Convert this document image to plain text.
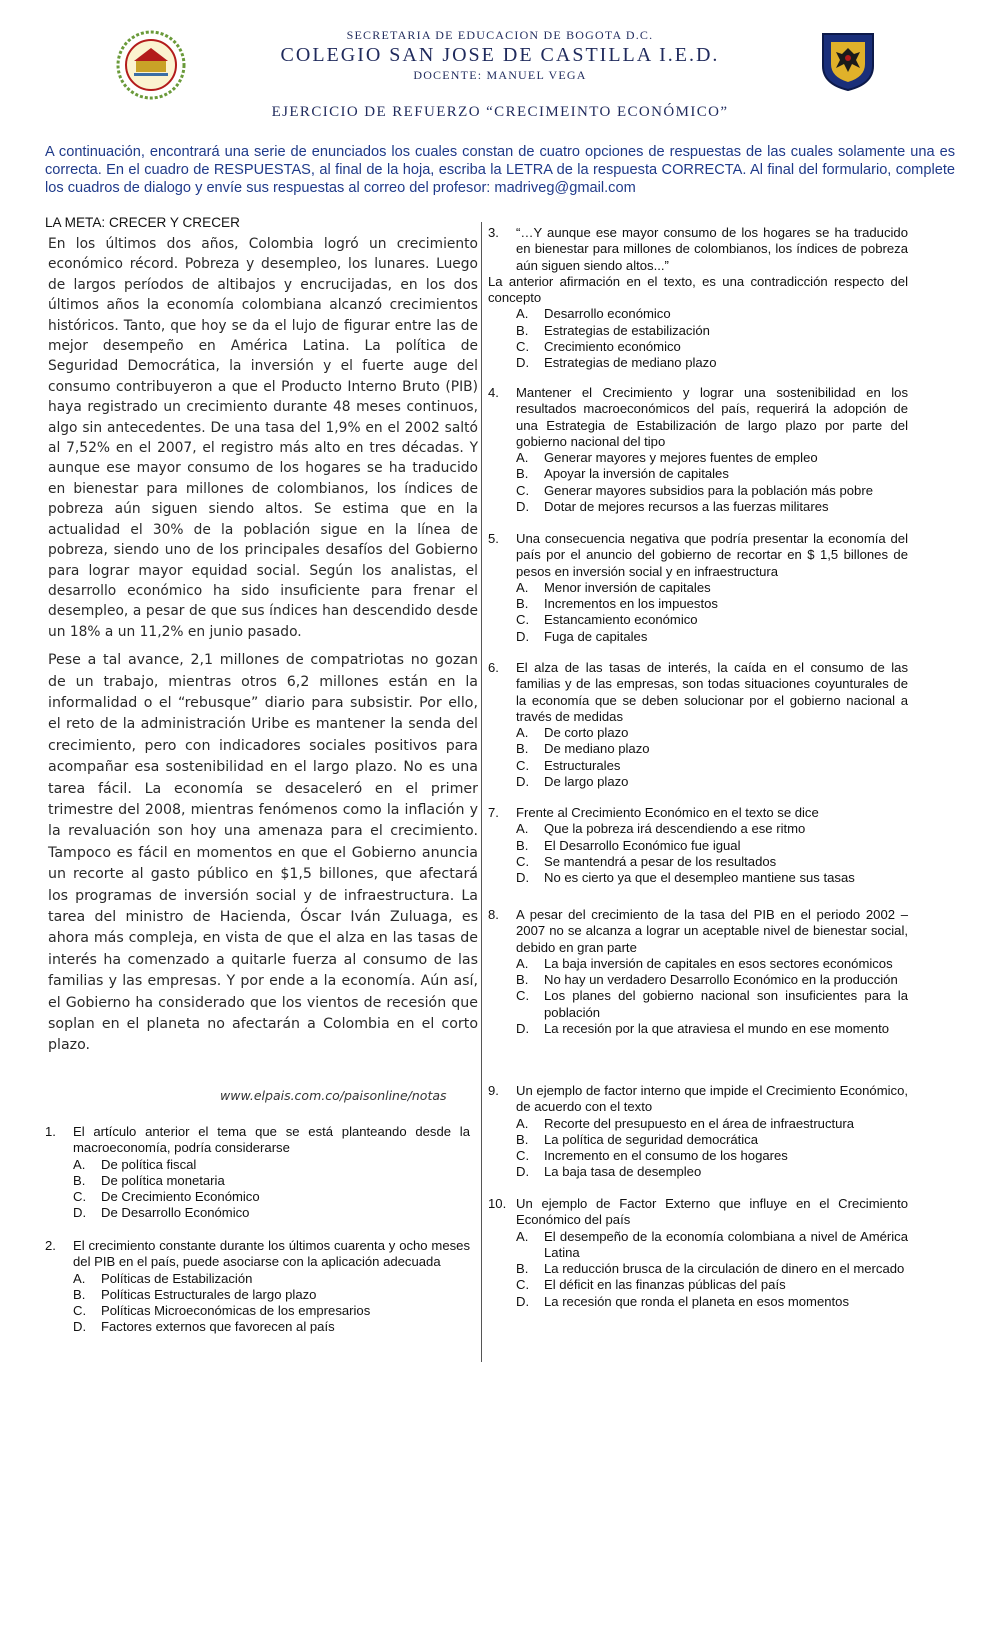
SECRETARIA DE EDUCACION DE BOGOTA D.C.
COLEGIO SAN JOSE DE CASTILLA I.E.D.
DOCENTE: MANUEL VEGA
EJERCICIO DE REFUERZO “CRECIMEINTO ECONÓMICO”
A continuación, encontrará una serie de enunciados los cuales constan de cuatro opciones de respuestas de las cuales solamente una es correcta. En el cuadro de RESPUESTAS, al final de la hoja, escriba la LETRA de la respuesta CORRECTA. Al final del formulario, complete los cuadros de dialogo y envíe sus respuestas al correo del profesor: madriveg@gmail.com
LA META: CRECER Y CRECER

En los últimos dos años, Colombia logró un crecimiento económico récord. Pobreza y desempleo, los lunares. Luego de largos períodos de altibajos y encrucijadas, en los dos últimos años la economía colombiana alcanzó crecimientos históricos. Tanto, que hoy se da el lujo de figurar entre las de mejor desempeño en América Latina. La política de Seguridad Democrática, la inversión y el fuerte auge del consumo contribuyeron a que el Producto Interno Bruto (PIB) haya registrado un crecimiento durante 48 meses continuos, algo sin antecedentes. De una tasa del 1,9% en el 2002 saltó al 7,52% en el 2007, el registro más alto en tres décadas. Y aunque ese mayor consumo de los hogares se ha traducido en bienestar para millones de colombianos, los índices de pobreza aún siguen siendo altos. Se estima que en la actualidad el 30% de la población sigue en la línea de pobreza, siendo uno de los principales desafíos del Gobierno para lograr mayor equidad social. Según los analistas, el desarrollo económico ha sido insuficiente para frenar el desempleo, a pesar de que sus índices han descendido desde un 18% a un 11,2% en junio pasado.

Pese a tal avance, 2,1 millones de compatriotas no gozan de un trabajo, mientras otros 6,2 millones están en la informalidad o el “rebusque” diario para subsistir. Por ello, el reto de la administración Uribe es mantener la senda del crecimiento, pero con indicadores sociales positivos para acompañar esa sostenibilidad en el largo plazo. No es una tarea fácil. La economía se desaceleró en el primer trimestre del 2008, mientras fenómenos como la inflación y la revaluación son hoy una amenaza para el crecimiento. Tampoco es fácil en momentos en que el Gobierno anuncia un recorte al gasto público en $1,5 billones, que afectará los programas de inversión social y de infraestructura. La tarea del ministro de Hacienda, Óscar Iván Zuluaga, es ahora más compleja, en vista de que el alza en las tasas de interés ha comenzado a quitarle fuerza al consumo de las familias y las empresas. Y por ende a la economía. Aún así, el Gobierno ha considerado que los vientos de recesión que soplan en el planeta no afectarán a Colombia en el corto plazo.

www.elpais.com.co/paisonline/notas
1.	El artículo anterior el tema que se está planteando desde la macroeconomía, podría considerarse
A.	De política fiscal
B.	De política monetaria
C.	De Crecimiento Económico
D.	De Desarrollo Económico
2.	El crecimiento constante durante los últimos cuarenta y ocho meses del PIB en el país, puede asociarse con la aplicación adecuada
A.	Políticas de Estabilización
B.	Políticas Estructurales de largo plazo
C.	Políticas Microeconómicas de los empresarios
D.	Factores externos que favorecen al país
3.	“…Y aunque ese mayor consumo de los hogares se ha traducido en bienestar para millones de colombianos, los índices de pobreza aún siguen siendo altos...”
La anterior afirmación en el texto, es una contradicción respecto del concepto
A.	Desarrollo económico
B.	Estrategias de estabilización
C.	Crecimiento económico
D.	Estrategias de mediano plazo
4.	Mantener el Crecimiento y lograr una sostenibilidad en los resultados macroeconómicos del país, requerirá la adopción de una Estrategia de Estabilización de largo plazo por parte del gobierno nacional del tipo
A.	Generar mayores y mejores fuentes de empleo
B.	Apoyar la inversión de capitales
C.	Generar mayores subsidios para la población más pobre
D.	Dotar de mejores recursos a las fuerzas militares
5.	Una consecuencia negativa que podría presentar la economía del país por el anuncio del gobierno de recortar en $ 1,5 billones de pesos en inversión social y en infraestructura
A.	Menor inversión de capitales
B.	Incrementos en los impuestos
C.	Estancamiento económico
D.	Fuga de capitales
6.	El alza de las tasas de interés, la caída en el consumo de las familias y de las empresas, son todas situaciones coyunturales de la economía que se deben solucionar por el gobierno nacional a través de medidas
A.	De corto plazo
B.	De mediano plazo
C.	Estructurales
D.	De largo plazo
7.	Frente al Crecimiento Económico en el texto se dice
A.	Que la pobreza irá descendiendo a ese ritmo
B.	El Desarrollo Económico fue igual
C.	Se mantendrá a pesar de los resultados
D.	No es cierto ya que el desempleo mantiene sus tasas
8.	A pesar del crecimiento de la tasa del PIB en el periodo 2002 – 2007 no se alcanza a lograr un aceptable nivel de bienestar social, debido en gran parte
A.	La baja inversión de capitales en esos sectores económicos
B.	No hay un verdadero Desarrollo Económico en la producción
C.	Los planes del gobierno nacional son insuficientes para la población
D.	La recesión por la que atraviesa el mundo en ese momento
9.	Un ejemplo de factor interno que impide el Crecimiento Económico, de acuerdo con el texto
A.	Recorte del presupuesto en el área de infraestructura
B.	La política de seguridad democrática
C.	Incremento en el consumo de los hogares
D.	La baja tasa de desempleo
10. Un ejemplo de Factor Externo que influye en el Crecimiento Económico del país
A.	El desempeño de la economía colombiana a nivel de América Latina
B.	La reducción brusca de la circulación de dinero en el mercado
C.	El déficit en las finanzas públicas del país
D.	La recesión que ronda el planeta en esos momentos
